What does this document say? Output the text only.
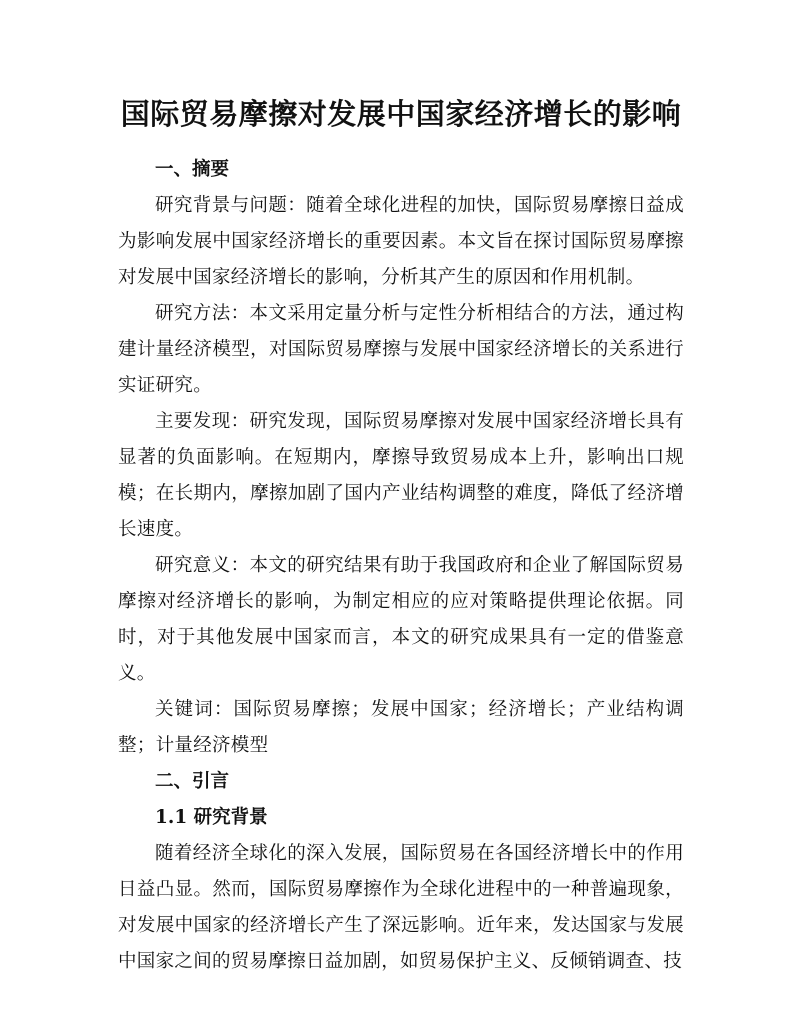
国际贸易摩擦对发展中国家经济增长的影响
一、摘要

研究背景与问题：随着全球化进程的加快，国际贸易摩擦日益成为影响发展中国家经济增长的重要因素。本文旨在探讨国际贸易摩擦对发展中国家经济增长的影响，分析其产生的原因和作用机制。

研究方法：本文采用定量分析与定性分析相结合的方法，通过构建计量经济模型，对国际贸易摩擦与发展中国家经济增长的关系进行实证研究。

主要发现：研究发现，国际贸易摩擦对发展中国家经济增长具有显著的负面影响。在短期内，摩擦导致贸易成本上升，影响出口规模；在长期内，摩擦加剧了国内产业结构调整的难度，降低了经济增长速度。

研究意义：本文的研究结果有助于我国政府和企业了解国际贸易摩擦对经济增长的影响，为制定相应的应对策略提供理论依据。同时，对于其他发展中国家而言，本文的研究成果具有一定的借鉴意义。

关键词：国际贸易摩擦；发展中国家；经济增长；产业结构调整；计量经济模型

二、引言
1.1 研究背景

随着经济全球化的深入发展，国际贸易在各国经济增长中的作用日益凸显。然而，国际贸易摩擦作为全球化进程中的一种普遍现象，对发展中国家的经济增长产生了深远影响。近年来，发达国家与发展中国家之间的贸易摩擦日益加剧，如贸易保护主义、反倾销调查、技
